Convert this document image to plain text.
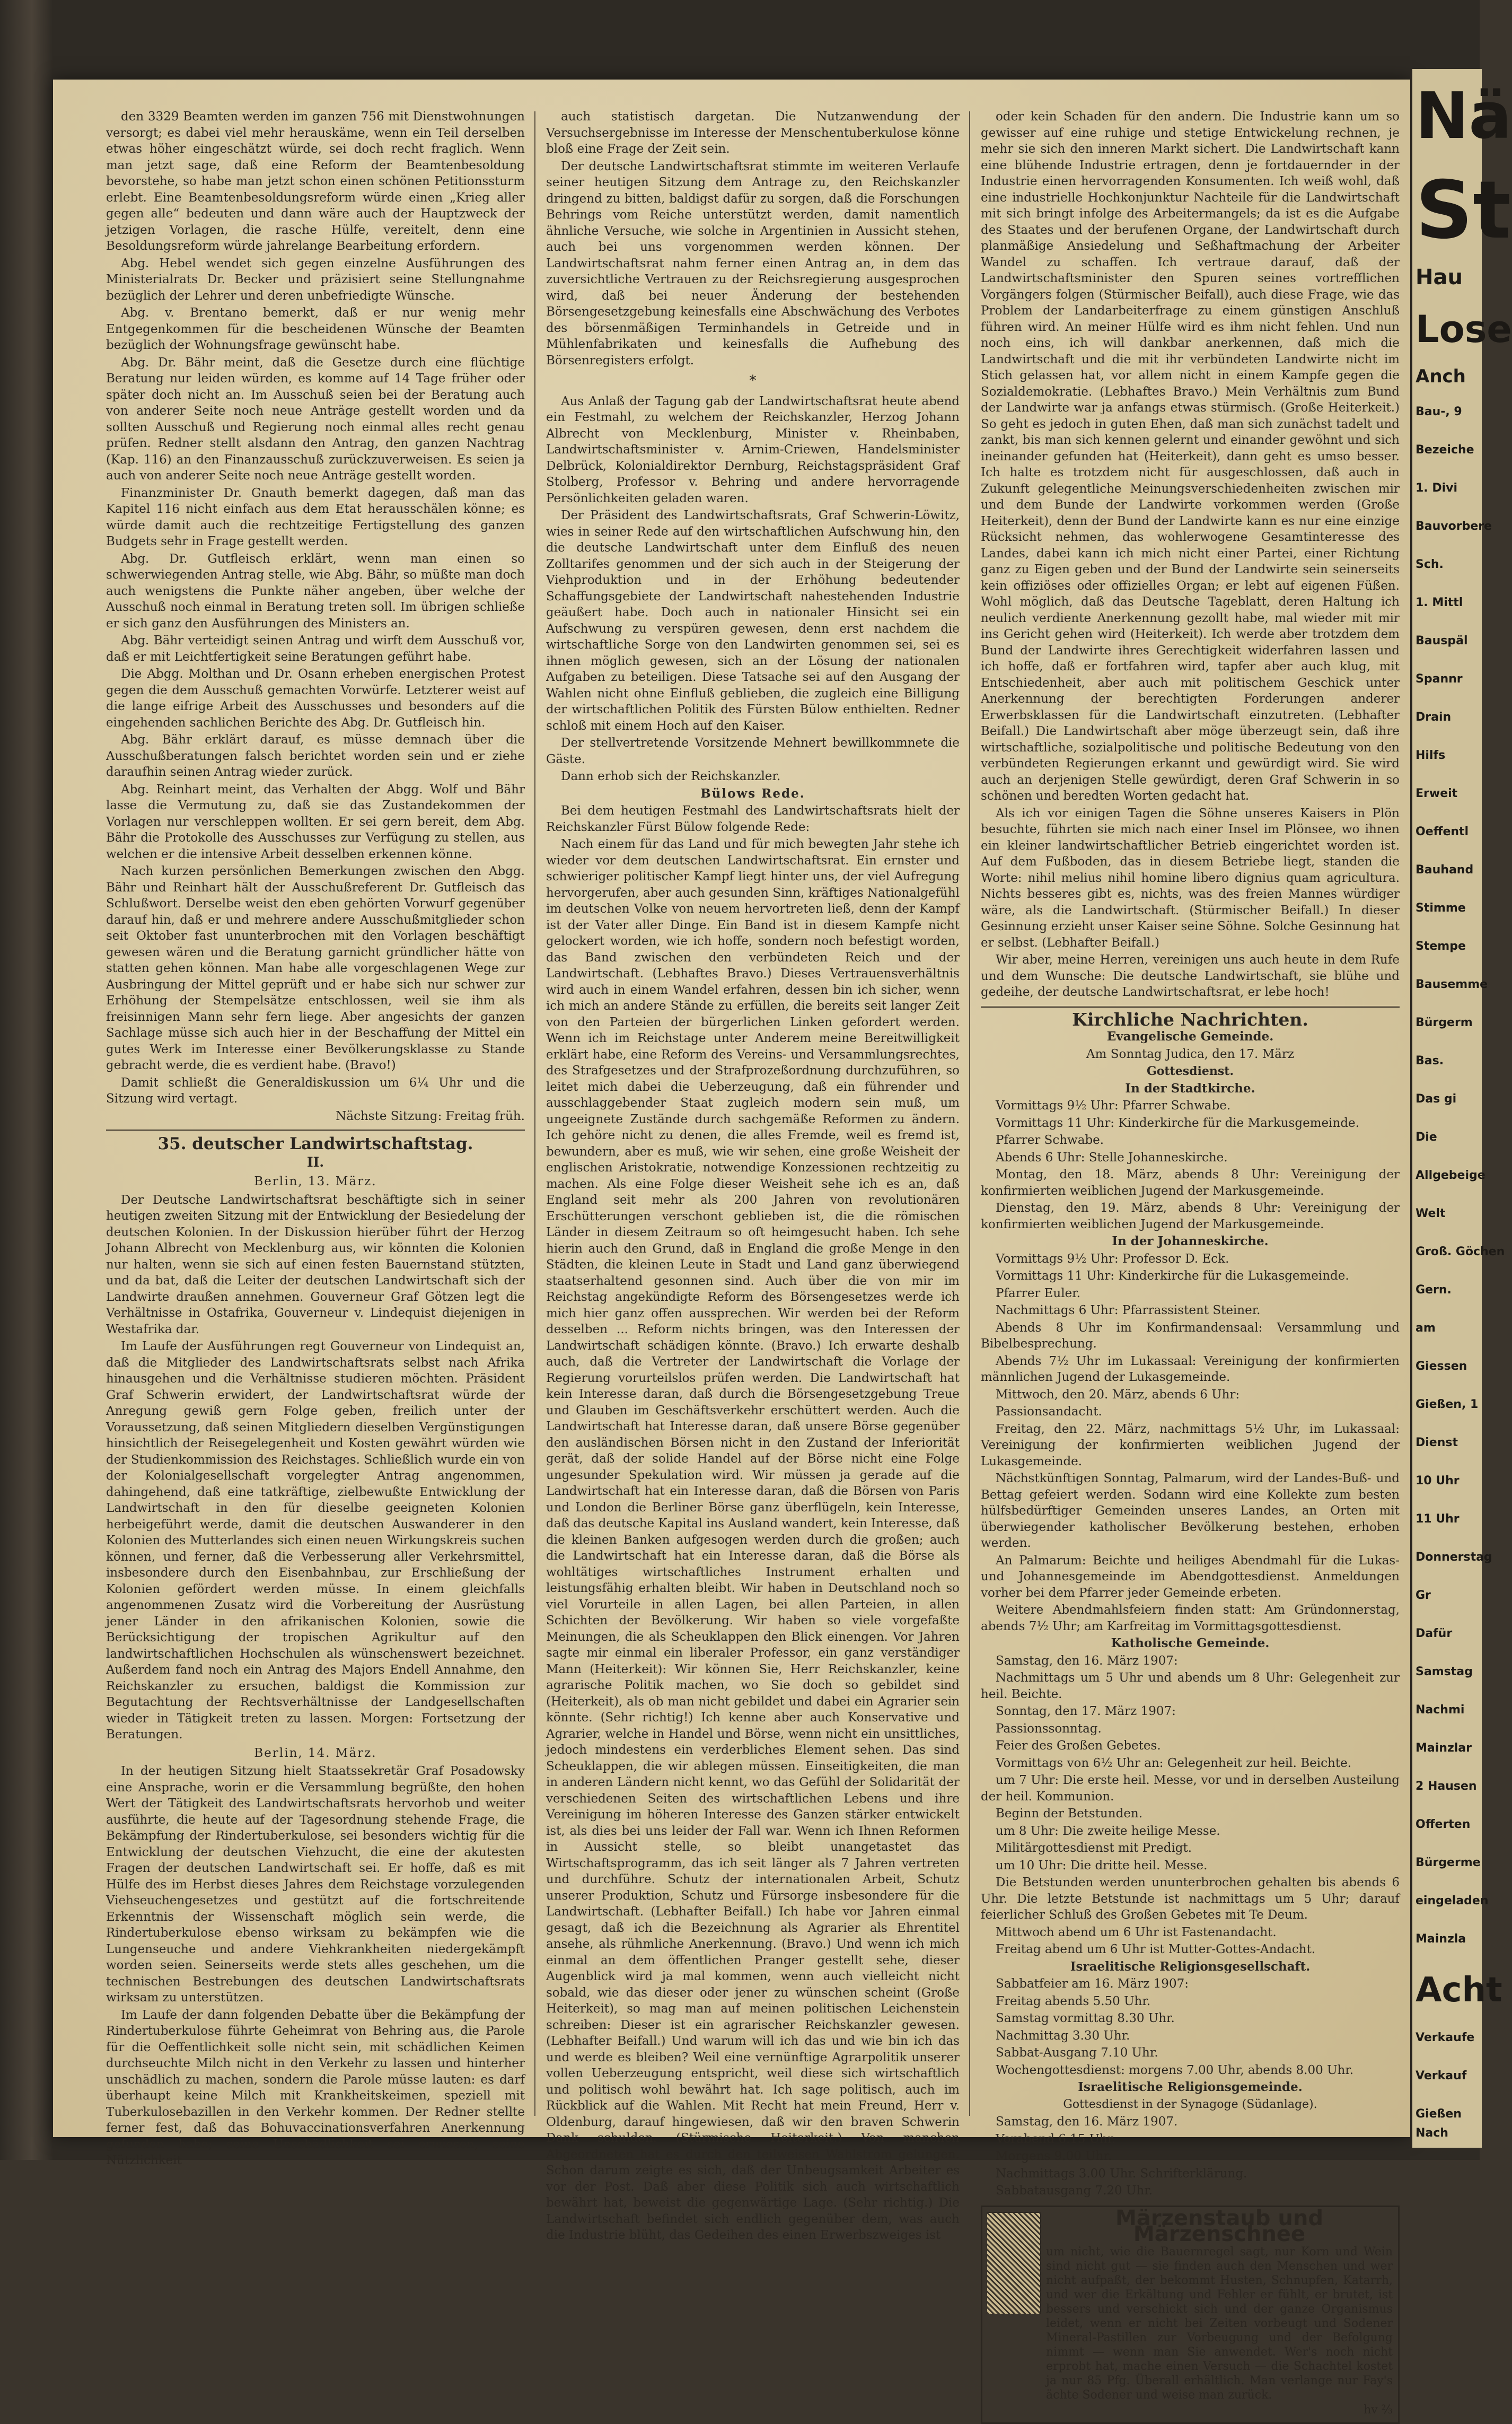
den 3329 Beamten werden im ganzen 756 mit Dienstwohnungen versorgt; es dabei viel mehr herauskäme, wenn ein Teil derselben etwas höher eingeschätzt würde, sei doch recht fraglich. Wenn man jetzt sage, daß eine Reform der Beamtenbesoldung bevorstehe, so habe man jetzt schon einen schönen Petitionssturm erlebt. Eine Beamtenbesoldungsreform würde einen „Krieg aller gegen alle“ bedeuten und dann wäre auch der Hauptzweck der jetzigen Vorlagen, die rasche Hülfe, vereitelt, denn eine Besoldungsreform würde jahrelange Bearbeitung erfordern.

Abg. Hebel wendet sich gegen einzelne Ausführungen des Ministerialrats Dr. Becker und präzisiert seine Stellungnahme bezüglich der Lehrer und deren unbefriedigte Wünsche.

Abg. v. Brentano bemerkt, daß er nur wenig mehr Entgegenkommen für die bescheidenen Wünsche der Beamten bezüglich der Wohnungsfrage gewünscht habe.

Abg. Dr. Bähr meint, daß die Gesetze durch eine flüchtige Beratung nur leiden würden, es komme auf 14 Tage früher oder später doch nicht an. Im Ausschuß seien bei der Beratung auch von anderer Seite noch neue Anträge gestellt worden und da sollten Ausschuß und Regierung noch einmal alles recht genau prüfen. Redner stellt alsdann den Antrag, den ganzen Nachtrag (Kap. 116) an den Finanzausschuß zurückzuverweisen. Es seien ja auch von anderer Seite noch neue Anträge gestellt worden.

Finanzminister Dr. Gnauth bemerkt dagegen, daß man das Kapitel 116 nicht einfach aus dem Etat herausschälen könne; es würde damit auch die rechtzeitige Fertigstellung des ganzen Budgets sehr in Frage gestellt werden.

Abg. Dr. Gutfleisch erklärt, wenn man einen so schwerwiegenden Antrag stelle, wie Abg. Bähr, so müßte man doch auch wenigstens die Punkte näher angeben, über welche der Ausschuß noch einmal in Beratung treten soll. Im übrigen schließe er sich ganz den Ausführungen des Ministers an.

Abg. Bähr verteidigt seinen Antrag und wirft dem Ausschuß vor, daß er mit Leichtfertigkeit seine Beratungen geführt habe.

Die Abgg. Molthan und Dr. Osann erheben energischen Protest gegen die dem Ausschuß gemachten Vorwürfe. Letzterer weist auf die lange eifrige Arbeit des Ausschusses und besonders auf die eingehenden sachlichen Berichte des Abg. Dr. Gutfleisch hin.

Abg. Bähr erklärt darauf, es müsse demnach über die Ausschußberatungen falsch berichtet worden sein und er ziehe daraufhin seinen Antrag wieder zurück.

Abg. Reinhart meint, das Verhalten der Abgg. Wolf und Bähr lasse die Vermutung zu, daß sie das Zustandekommen der Vorlagen nur verschleppen wollten. Er sei gern bereit, dem Abg. Bähr die Protokolle des Ausschusses zur Verfügung zu stellen, aus welchen er die intensive Arbeit desselben erkennen könne.

Nach kurzen persönlichen Bemerkungen zwischen den Abgg. Bähr und Reinhart hält der Ausschußreferent Dr. Gutfleisch das Schlußwort. Derselbe weist den eben gehörten Vorwurf gegenüber darauf hin, daß er und mehrere andere Ausschußmitglieder schon seit Oktober fast ununterbrochen mit den Vorlagen beschäftigt gewesen wären und die Beratung garnicht gründlicher hätte von statten gehen können. Man habe alle vorgeschlagenen Wege zur Ausbringung der Mittel geprüft und er habe sich nur schwer zur Erhöhung der Stempelsätze entschlossen, weil sie ihm als freisinnigen Mann sehr fern liege. Aber angesichts der ganzen Sachlage müsse sich auch hier in der Beschaffung der Mittel ein gutes Werk im Interesse einer Bevölkerungsklasse zu Stande gebracht werde, die es verdient habe. (Bravo!)

Damit schließt die Generaldiskussion um 6¼ Uhr und die Sitzung wird vertagt.

Nächste Sitzung: Freitag früh.

35. deutscher Landwirtschaftstag.
II.
Berlin, 13. März.

Der Deutsche Landwirtschaftsrat beschäftigte sich in seiner heutigen zweiten Sitzung mit der Entwicklung der Besiedelung der deutschen Kolonien. In der Diskussion hierüber führt der Herzog Johann Albrecht von Mecklenburg aus, wir könnten die Kolonien nur halten, wenn sie sich auf einen festen Bauernstand stützten, und da bat, daß die Leiter der deutschen Landwirtschaft sich der Landwirte draußen annehmen. Gouverneur Graf Götzen legt die Verhältnisse in Ostafrika, Gouverneur v. Lindequist diejenigen in Westafrika dar.

Im Laufe der Ausführungen regt Gouverneur von Lindequist an, daß die Mitglieder des Landwirtschaftsrats selbst nach Afrika hinausgehen und die Verhältnisse studieren möchten. Präsident Graf Schwerin erwidert, der Landwirtschaftsrat würde der Anregung gewiß gern Folge geben, freilich unter der Voraussetzung, daß seinen Mitgliedern dieselben Vergünstigungen hinsichtlich der Reisegelegenheit und Kosten gewährt würden wie der Studienkommission des Reichstages. Schließlich wurde ein von der Kolonialgesellschaft vorgelegter Antrag angenommen, dahingehend, daß eine tatkräftige, zielbewußte Entwicklung der Landwirtschaft in den für dieselbe geeigneten Kolonien herbeigeführt werde, damit die deutschen Auswanderer in den Kolonien des Mutterlandes sich einen neuen Wirkungskreis suchen können, und ferner, daß die Verbesserung aller Verkehrsmittel, insbesondere durch den Eisenbahnbau, zur Erschließung der Kolonien gefördert werden müsse. In einem gleichfalls angenommenen Zusatz wird die Vorbereitung der Ausrüstung jener Länder in den afrikanischen Kolonien, sowie die Berücksichtigung der tropischen Agrikultur auf den landwirtschaftlichen Hochschulen als wünschenswert bezeichnet. Außerdem fand noch ein Antrag des Majors Endell Annahme, den Reichskanzler zu ersuchen, baldigst die Kommission zur Begutachtung der Rechtsverhältnisse der Landgesellschaften wieder in Tätigkeit treten zu lassen. Morgen: Fortsetzung der Beratungen.

Berlin, 14. März.

In der heutigen Sitzung hielt Staatssekretär Graf Posadowsky eine Ansprache, worin er die Versammlung begrüßte, den hohen Wert der Tätigkeit des Landwirtschaftsrats hervorhob und weiter ausführte, die heute auf der Tagesordnung stehende Frage, die Bekämpfung der Rindertuberkulose, sei besonders wichtig für die Entwicklung der deutschen Viehzucht, die eine der akutesten Fragen der deutschen Landwirtschaft sei. Er hoffe, daß es mit Hülfe des im Herbst dieses Jahres dem Reichstage vorzulegenden Viehseuchengesetzes und gestützt auf die fortschreitende Erkenntnis der Wissenschaft möglich sein werde, die Rindertuberkulose ebenso wirksam zu bekämpfen wie die Lungenseuche und andere Viehkrankheiten niedergekämpft worden seien. Seinerseits werde stets alles geschehen, um die technischen Bestrebungen des deutschen Landwirtschaftsrats wirksam zu unterstützen.

Im Laufe der dann folgenden Debatte über die Bekämpfung der Rindertuberkulose führte Geheimrat von Behring aus, die Parole für die Oeffentlichkeit solle nicht sein, mit schädlichen Keimen durchseuchte Milch nicht in den Verkehr zu lassen und hinterher unschädlich zu machen, sondern die Parole müsse lauten: es darf überhaupt keine Milch mit Krankheitskeimen, speziell mit Tuberkulosebazillen in den Verkehr kommen. Der Redner stellte ferner fest, daß das Bohuvaccinationsverfahren Anerkennung gefunden habe; seine Unschädlichkeit sei erwiesen, seine Nützlichkeit

auch statistisch dargetan. Die Nutzanwendung der Versuchsergebnisse im Interesse der Menschentuberkulose könne bloß eine Frage der Zeit sein.

Der deutsche Landwirtschaftsrat stimmte im weiteren Verlaufe seiner heutigen Sitzung dem Antrage zu, den Reichskanzler dringend zu bitten, baldigst dafür zu sorgen, daß die Forschungen Behrings vom Reiche unterstützt werden, damit namentlich ähnliche Versuche, wie solche in Argentinien in Aussicht stehen, auch bei uns vorgenommen werden können. Der Landwirtschaftsrat nahm ferner einen Antrag an, in dem das zuversichtliche Vertrauen zu der Reichsregierung ausgesprochen wird, daß bei neuer Änderung der bestehenden Börsengesetzgebung keinesfalls eine Abschwächung des Verbotes des börsenmäßigen Terminhandels in Getreide und in Mühlenfabrikaten und keinesfalls die Aufhebung des Börsenregisters erfolgt.

*

Aus Anlaß der Tagung gab der Landwirtschaftsrat heute abend ein Festmahl, zu welchem der Reichskanzler, Herzog Johann Albrecht von Mecklenburg, Minister v. Rheinbaben, Landwirtschaftsminister v. Arnim-Criewen, Handelsminister Delbrück, Kolonialdirektor Dernburg, Reichstagspräsident Graf Stolberg, Professor v. Behring und andere hervorragende Persönlichkeiten geladen waren.

Der Präsident des Landwirtschaftsrats, Graf Schwerin-Löwitz, wies in seiner Rede auf den wirtschaftlichen Aufschwung hin, den die deutsche Landwirtschaft unter dem Einfluß des neuen Zolltarifes genommen und der sich auch in der Steigerung der Viehproduktion und in der Erhöhung bedeutender Schaffungsgebiete der Landwirtschaft nahestehenden Industrie geäußert habe. Doch auch in nationaler Hinsicht sei ein Aufschwung zu verspüren gewesen, denn erst nachdem die wirtschaftliche Sorge von den Landwirten genommen sei, sei es ihnen möglich gewesen, sich an der Lösung der nationalen Aufgaben zu beteiligen. Diese Tatsache sei auf den Ausgang der Wahlen nicht ohne Einfluß geblieben, die zugleich eine Billigung der wirtschaftlichen Politik des Fürsten Bülow enthielten. Redner schloß mit einem Hoch auf den Kaiser.

Der stellvertretende Vorsitzende Mehnert bewillkommnete die Gäste.

Dann erhob sich der Reichskanzler.

Bülows Rede.

Bei dem heutigen Festmahl des Landwirtschaftsrats hielt der Reichskanzler Fürst Bülow folgende Rede:

Nach einem für das Land und für mich bewegten Jahr stehe ich wieder vor dem deutschen Landwirtschaftsrat. Ein ernster und schwieriger politischer Kampf liegt hinter uns, der viel Aufregung hervorgerufen, aber auch gesunden Sinn, kräftiges Nationalgefühl im deutschen Volke von neuem hervortreten ließ, denn der Kampf ist der Vater aller Dinge. Ein Band ist in diesem Kampfe nicht gelockert worden, wie ich hoffe, sondern noch befestigt worden, das Band zwischen den verbündeten Reich und der Landwirtschaft. (Lebhaftes Bravo.) Dieses Vertrauensverhältnis wird auch in einem Wandel erfahren, dessen bin ich sicher, wenn ich mich an andere Stände zu erfüllen, die bereits seit langer Zeit von den Parteien der bürgerlichen Linken gefordert werden. Wenn ich im Reichstage unter Anderem meine Bereitwilligkeit erklärt habe, eine Reform des Vereins- und Versammlungsrechtes, des Strafgesetzes und der Strafprozeßordnung durchzuführen, so leitet mich dabei die Ueberzeugung, daß ein führender und ausschlaggebender Staat zugleich modern sein muß, um ungeeignete Zustände durch sachgemäße Reformen zu ändern. Ich gehöre nicht zu denen, die alles Fremde, weil es fremd ist, bewundern, aber es muß, wie wir sehen, eine große Weisheit der englischen Aristokratie, notwendige Konzessionen rechtzeitig zu machen. Als eine Folge dieser Weisheit sehe ich es an, daß England seit mehr als 200 Jahren von revolutionären Erschütterungen verschont geblieben ist, die die römischen Länder in diesem Zeitraum so oft heimgesucht haben. Ich sehe hierin auch den Grund, daß in England die große Menge in den Städten, die kleinen Leute in Stadt und Land ganz überwiegend staatserhaltend gesonnen sind. Auch über die von mir im Reichstag angekündigte Reform des Börsengesetzes werde ich mich hier ganz offen aussprechen. Wir werden bei der Reform desselben ... Reform nichts bringen, was den Interessen der Landwirtschaft schädigen könnte. (Bravo.) Ich erwarte deshalb auch, daß die Vertreter der Landwirtschaft die Vorlage der Regierung vorurteilslos prüfen werden. Die Landwirtschaft hat kein Interesse daran, daß durch die Börsengesetzgebung Treue und Glauben im Geschäftsverkehr erschüttert werden. Auch die Landwirtschaft hat Interesse daran, daß unsere Börse gegenüber den ausländischen Börsen nicht in den Zustand der Inferiorität gerät, daß der solide Handel auf der Börse nicht eine Folge ungesunder Spekulation wird. Wir müssen ja gerade auf die Landwirtschaft hat ein Interesse daran, daß die Börsen von Paris und London die Berliner Börse ganz überflügeln, kein Interesse, daß das deutsche Kapital ins Ausland wandert, kein Interesse, daß die kleinen Banken aufgesogen werden durch die großen; auch die Landwirtschaft hat ein Interesse daran, daß die Börse als wohltätiges wirtschaftliches Instrument erhalten und leistungsfähig erhalten bleibt. Wir haben in Deutschland noch so viel Vorurteile in allen Lagen, bei allen Parteien, in allen Schichten der Bevölkerung. Wir haben so viele vorgefaßte Meinungen, die als Scheuklappen den Blick einengen. Vor Jahren sagte mir einmal ein liberaler Professor, ein ganz verständiger Mann (Heiterkeit): Wir können Sie, Herr Reichskanzler, keine agrarische Politik machen, wo Sie doch so gebildet sind (Heiterkeit), als ob man nicht gebildet und dabei ein Agrarier sein könnte. (Sehr richtig!) Ich kenne aber auch Konservative und Agrarier, welche in Handel und Börse, wenn nicht ein unsittliches, jedoch mindestens ein verderbliches Element sehen. Das sind Scheuklappen, die wir ablegen müssen. Einseitigkeiten, die man in anderen Ländern nicht kennt, wo das Gefühl der Solidarität der verschiedenen Seiten des wirtschaftlichen Lebens und ihre Vereinigung im höheren Interesse des Ganzen stärker entwickelt ist, als dies bei uns leider der Fall war. Wenn ich Ihnen Reformen in Aussicht stelle, so bleibt unangetastet das Wirtschaftsprogramm, das ich seit länger als 7 Jahren vertreten und durchführe. Schutz der internationalen Arbeit, Schutz unserer Produktion, Schutz und Fürsorge insbesondere für die Landwirtschaft. (Lebhafter Beifall.) Ich habe vor Jahren einmal gesagt, daß ich die Bezeichnung als Agrarier als Ehrentitel ansehe, als rühmliche Anerkennung. (Bravo.) Und wenn ich mich einmal an dem öffentlichen Pranger gestellt sehe, dieser Augenblick wird ja mal kommen, wenn auch vielleicht nicht sobald, wie das dieser oder jener zu wünschen scheint (Große Heiterkeit), so mag man auf meinen politischen Leichenstein schreiben: Dieser ist ein agrarischer Reichskanzler gewesen. (Lebhafter Beifall.) Und warum will ich das und wie bin ich das und werde es bleiben? Weil eine vernünftige Agrarpolitik unserer vollen Ueberzeugung entspricht, weil diese sich wirtschaftlich und politisch wohl bewährt hat. Ich sage politisch, auch im Rückblick auf die Wahlen. Mit Recht hat mein Freund, Herr v. Oldenburg, darauf hingewiesen, daß wir den braven Schwerin Dank schulden. (Stürmische Heiterkeit.) Von manchen Abgeordneten hat es durch den teilweisen Wahlstrom gelungen. Schon darum zeigte es sich, daß der Unbeugsamkeit Arbeiter es vor der Post. Daß aber diese Politik sich auch wirtschaftlich bewährt hat, beweist die gegenwärtige Lage. (Sehr richtig.) Die Landwirtschaft befindet sich endlich gegenüber dem, was auch die Industrie blüht, das Gedeihen des einen Erwerbszweiges ist

oder kein Schaden für den andern. Die Industrie kann um so gewisser auf eine ruhige und stetige Entwickelung rechnen, je mehr sie sich den inneren Markt sichert. Die Landwirtschaft kann eine blühende Industrie ertragen, denn je fortdauernder in der Industrie einen hervorragenden Konsumenten. Ich weiß wohl, daß eine industrielle Hochkonjunktur Nachteile für die Landwirtschaft mit sich bringt infolge des Arbeitermangels; da ist es die Aufgabe des Staates und der berufenen Organe, der Landwirtschaft durch planmäßige Ansiedelung und Seßhaftmachung der Arbeiter Wandel zu schaffen. Ich vertraue darauf, daß der Landwirtschaftsminister den Spuren seines vortrefflichen Vorgängers folgen (Stürmischer Beifall), auch diese Frage, wie das Problem der Landarbeiterfrage zu einem günstigen Anschluß führen wird. An meiner Hülfe wird es ihm nicht fehlen. Und nun noch eins, ich will dankbar anerkennen, daß mich die Landwirtschaft und die mit ihr verbündeten Landwirte nicht im Stich gelassen hat, vor allem nicht in einem Kampfe gegen die Sozialdemokratie. (Lebhaftes Bravo.) Mein Verhältnis zum Bund der Landwirte war ja anfangs etwas stürmisch. (Große Heiterkeit.) So geht es jedoch in guten Ehen, daß man sich zunächst tadelt und zankt, bis man sich kennen gelernt und einander gewöhnt und sich ineinander gefunden hat (Heiterkeit), dann geht es umso besser. Ich halte es trotzdem nicht für ausgeschlossen, daß auch in Zukunft gelegentliche Meinungsverschiedenheiten zwischen mir und dem Bunde der Landwirte vorkommen werden (Große Heiterkeit), denn der Bund der Landwirte kann es nur eine einzige Rücksicht nehmen, das wohlerwogene Gesamtinteresse des Landes, dabei kann ich mich nicht einer Partei, einer Richtung ganz zu Eigen geben und der Bund der Landwirte sein seinerseits kein offiziöses oder offizielles Organ; er lebt auf eigenen Füßen. Wohl möglich, daß das Deutsche Tageblatt, deren Haltung ich neulich verdiente Anerkennung gezollt habe, mal wieder mit mir ins Gericht gehen wird (Heiterkeit). Ich werde aber trotzdem dem Bund der Landwirte ihres Gerechtigkeit widerfahren lassen und ich hoffe, daß er fortfahren wird, tapfer aber auch klug, mit Entschiedenheit, aber auch mit politischem Geschick unter Anerkennung der berechtigten Forderungen anderer Erwerbsklassen für die Landwirtschaft einzutreten. (Lebhafter Beifall.) Die Landwirtschaft aber möge überzeugt sein, daß ihre wirtschaftliche, sozialpolitische und politische Bedeutung von den verbündeten Regierungen erkannt und gewürdigt wird. Sie wird auch an derjenigen Stelle gewürdigt, deren Graf Schwerin in so schönen und beredten Worten gedacht hat.

Als ich vor einigen Tagen die Söhne unseres Kaisers in Plön besuchte, führten sie mich nach einer Insel im Plönsee, wo ihnen ein kleiner landwirtschaftlicher Betrieb eingerichtet worden ist. Auf dem Fußboden, das in diesem Betriebe liegt, standen die Worte: nihil melius nihil homine libero dignius quam agricultura. Nichts besseres gibt es, nichts, was des freien Mannes würdiger wäre, als die Landwirtschaft. (Stürmischer Beifall.) In dieser Gesinnung erzieht unser Kaiser seine Söhne. Solche Gesinnung hat er selbst. (Lebhafter Beifall.)

Wir aber, meine Herren, vereinigen uns auch heute in dem Rufe und dem Wunsche: Die deutsche Landwirtschaft, sie blühe und gedeihe, der deutsche Landwirtschaftsrat, er lebe hoch!

Kirchliche Nachrichten.
Evangelische Gemeinde.
Am Sonntag Judica, den 17. März
Gottesdienst.
In der Stadtkirche.

Vormittags 9½ Uhr: Pfarrer Schwabe.

Vormittags 11 Uhr: Kinderkirche für die Markusgemeinde.

Pfarrer Schwabe.

Abends 6 Uhr: Stelle Johanneskirche.

Montag, den 18. März, abends 8 Uhr: Vereinigung der konfirmierten weiblichen Jugend der Markusgemeinde.

Dienstag, den 19. März, abends 8 Uhr: Vereinigung der konfirmierten weiblichen Jugend der Markusgemeinde.

In der Johanneskirche.

Vormittags 9½ Uhr: Professor D. Eck.

Vormittags 11 Uhr: Kinderkirche für die Lukasgemeinde.

Pfarrer Euler.

Nachmittags 6 Uhr: Pfarrassistent Steiner.

Abends 8 Uhr im Konfirmandensaal: Versammlung und Bibelbesprechung.

Abends 7½ Uhr im Lukassaal: Vereinigung der konfirmierten männlichen Jugend der Lukasgemeinde.

Mittwoch, den 20. März, abends 6 Uhr:

Passionsandacht.

Freitag, den 22. März, nachmittags 5½ Uhr, im Lukassaal: Vereinigung der konfirmierten weiblichen Jugend der Lukasgemeinde.

Nächstkünftigen Sonntag, Palmarum, wird der Landes-Buß- und Bettag gefeiert werden. Sodann wird eine Kollekte zum besten hülfsbedürftiger Gemeinden unseres Landes, an Orten mit überwiegender katholischer Bevölkerung bestehen, erhoben werden.

An Palmarum: Beichte und heiliges Abendmahl für die Lukas- und Johannesgemeinde im Abendgottesdienst. Anmeldungen vorher bei dem Pfarrer jeder Gemeinde erbeten.

Weitere Abendmahlsfeiern finden statt: Am Gründonnerstag, abends 7½ Uhr; am Karfreitag im Vormittagsgottesdienst.

Katholische Gemeinde.

Samstag, den 16. März 1907:

Nachmittags um 5 Uhr und abends um 8 Uhr: Gelegenheit zur heil. Beichte.

Sonntag, den 17. März 1907:

Passionssonntag.

Feier des Großen Gebetes.

Vormittags von 6½ Uhr an: Gelegenheit zur heil. Beichte.

um 7 Uhr: Die erste heil. Messe, vor und in derselben Austeilung der heil. Kommunion.

Beginn der Betstunden.

um 8 Uhr: Die zweite heilige Messe.

Militärgottesdienst mit Predigt.

um 10 Uhr: Die dritte heil. Messe.

Die Betstunden werden ununterbrochen gehalten bis abends 6 Uhr. Die letzte Betstunde ist nachmittags um 5 Uhr; darauf feierlicher Schluß des Großen Gebetes mit Te Deum.

Mittwoch abend um 6 Uhr ist Fastenandacht.

Freitag abend um 6 Uhr ist Mutter-Gottes-Andacht.

Israelitische Religionsgesellschaft.

Sabbatfeier am 16. März 1907:

Freitag abends 5.50 Uhr.

Samstag vormittag 8.30 Uhr.

Nachmittag 3.30 Uhr.

Sabbat-Ausgang 7.10 Uhr.

Wochengottesdienst: morgens 7.00 Uhr, abends 8.00 Uhr.

Israelitische Religionsgemeinde.
Gottesdienst in der Synagoge (Südanlage).

Samstag, den 16. März 1907.

Vorabend 6.15 Uhr.

Morgens 9.00 Uhr.

Nachmittags 3.00 Uhr. Schrifterklärung.

Sabbatausgang 7.20 Uhr.

Märzenstaub und Märzenschnee
um nicht, wie die Bauernregel sagt, nur Korn und Wein sind nicht gut — sie finden auch den Menschen und wer nicht aufpaßt, der bekommt Husten, Schnupfen, Katarrh, und wer die Erkältung und Fehler er fühlt, er brutet, ist bessers und verschickt sich und der ganze Organismus leidet, wenn er nicht bei Zeiten vorbeugt und Sodener Mineral-Pastillen zur Vorbeugung und der Befolgung nimmt — wenn man Sie anwendet. Wer's noch nicht erprobt hat, mache einen Versuch — die Schachtel kostet ja nur 85 Pfg. Überall erhältlich. Man verlange nur Fay's ächte Sodener und weise man zurück.
hv ⅔
Nä
St
Hau
Lose
Anch
Bau-, 9
Bezeiche
1. Divi
Bauvorbere
Sch.
1. Mittl
Bauspäl
Spannr
Drain
Hilfs
Erweit
Oeffentl
Bauhand
Stimme
Stempe
Bausemme
Bürgerm
Bas.
Das gi
Die
Allgebeige
Welt
Groß. Göchen
Gern.
am
Giessen
Gießen, 1
Dienst
10 Uhr
11 Uhr
Donnerstag
Gr
Dafür
Samstag
Nachmi
Mainzlar
2 Hausen
Offerten
Bürgerme
eingeladen
Mainzla
Acht
Verkaufe
Verkauf
Gießen
Nach
